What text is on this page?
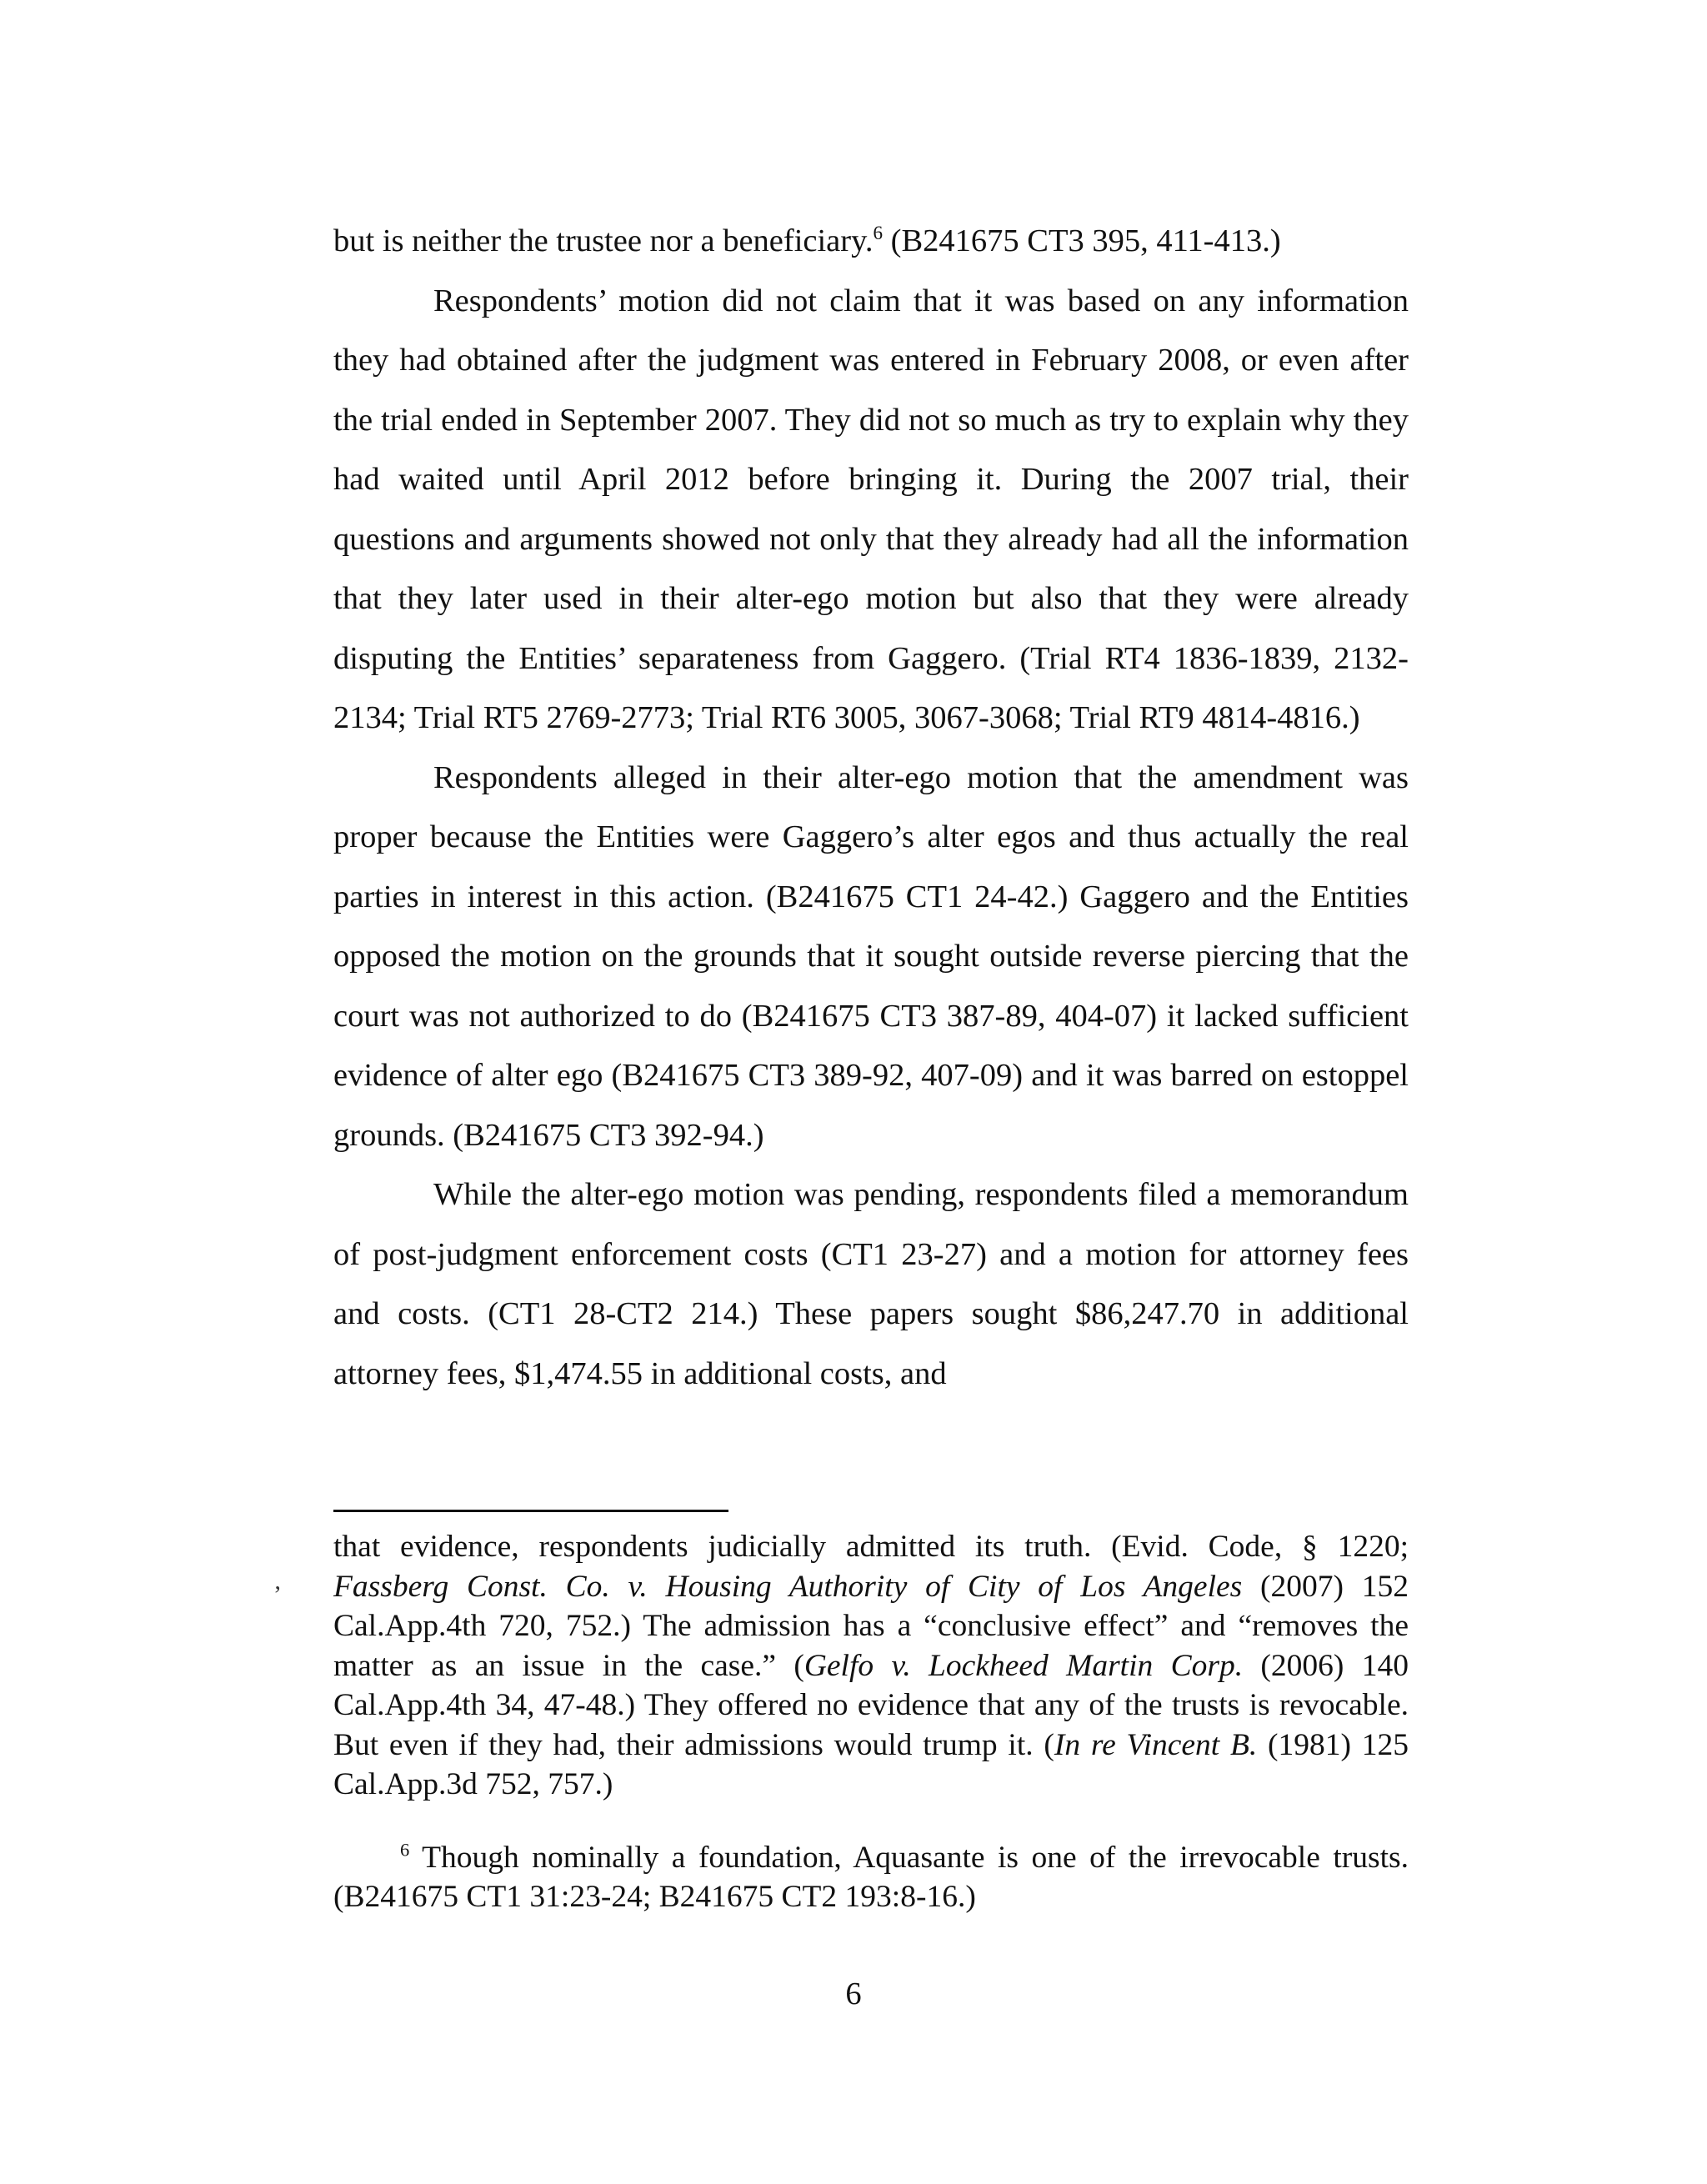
but is neither the trustee nor a beneficiary.$^6$ (B241675 CT3 395, 411-413.)

Respondents’ motion did not claim that it was based on any information they had obtained after the judgment was entered in February 2008, or even after the trial ended in September 2007. They did not so much as try to explain why they had waited until April 2012 before bringing it. During the 2007 trial, their questions and arguments showed not only that they already had all the information that they later used in their alter-ego motion but also that they were already disputing the Entities’ separateness from Gaggero. (Trial RT4 1836-1839, 2132-2134; Trial RT5 2769-2773; Trial RT6 3005, 3067-3068; Trial RT9 4814-4816.)

Respondents alleged in their alter-ego motion that the amendment was proper because the Entities were Gaggero’s alter egos and thus actually the real parties in interest in this action. (B241675 CT1 24-42.) Gaggero and the Entities opposed the motion on the grounds that it sought outside reverse piercing that the court was not authorized to do (B241675 CT3 387-89, 404-07) it lacked sufficient evidence of alter ego (B241675 CT3 389-92, 407-09) and it was barred on estoppel grounds. (B241675 CT3 392-94.)

While the alter-ego motion was pending, respondents filed a memorandum of post-judgment enforcement costs (CT1 23-27) and a motion for attorney fees and costs. (CT1 28-CT2 214.) These papers sought $86,247.70 in additional attorney fees, $1,474.55 in additional costs, and

‚

that evidence, respondents judicially admitted its truth. (Evid. Code, § 1220; Fassberg Const. Co. v. Housing Authority of City of Los Angeles (2007) 152 Cal.App.4th 720, 752.) The admission has a “conclusive effect” and “removes the matter as an issue in the case.” (Gelfo v. Lockheed Martin Corp. (2006) 140 Cal.App.4th 34, 47-48.) They offered no evidence that any of the trusts is revocable. But even if they had, their admissions would trump it. (In re Vincent B. (1981) 125 Cal.App.3d 752, 757.)

$^6$ Though nominally a foundation, Aquasante is one of the irrevocable trusts. (B241675 CT1 31:23-24; B241675 CT2 193:8-16.)

6
